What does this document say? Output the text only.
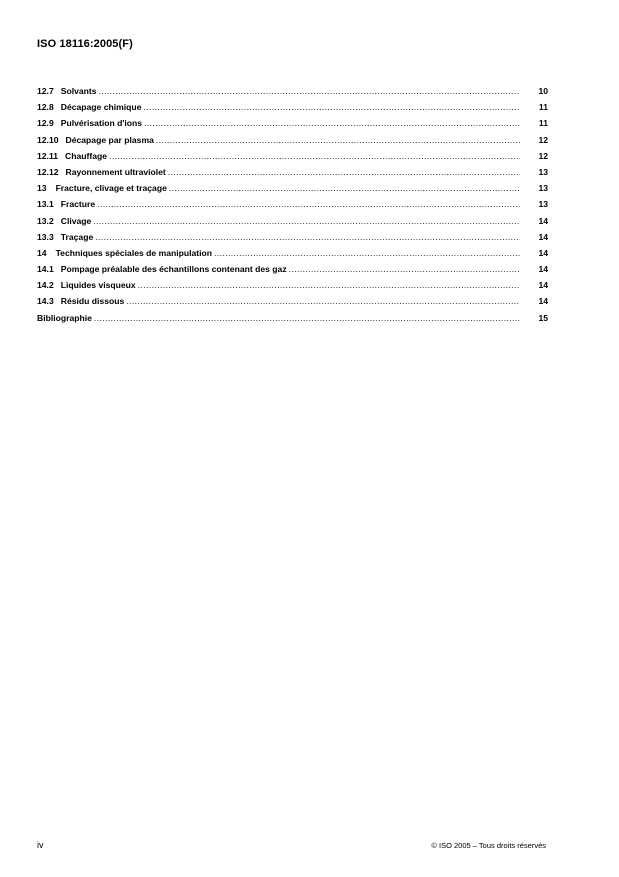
ISO 18116:2005(F)
12.7 Solvants .....	10
12.8 Décapage chimique .....	11
12.9 Pulvérisation d'ions .....	11
12.10 Décapage par plasma .....	12
12.11 Chauffage .....	12
12.12 Rayonnement ultraviolet .....	13
13	Fracture, clivage et traçage .....	13
13.1 Fracture .....	13
13.2 Clivage .....	14
13.3 Traçage .....	14
14	Techniques spéciales de manipulation .....	14
14.1 Pompage préalable des échantillons contenant des gaz .....	14
14.2 Liquides visqueux .....	14
14.3 Résidu dissous .....	14
Bibliographie .....	15
iv	© ISO 2005 – Tous droits réservés
